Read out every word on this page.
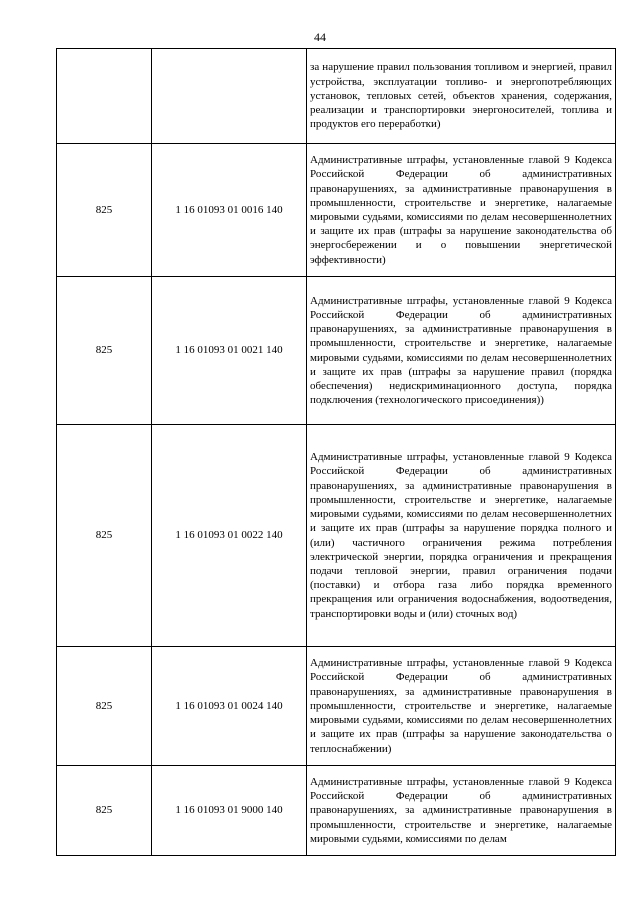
44
		за нарушение правил пользования топливом и энергией, правил устройства, эксплуатации топливо- и энергопотребляющих установок, тепловых сетей, объектов хранения, содержания, реализации и транспортировки энергоносителей, топлива и продуктов его переработки)
825	1 16 01093 01 0016 140	Административные штрафы, установленные главой 9 Кодекса Российской Федерации об административных правонарушениях, за административные правонарушения в промышленности, строительстве и энергетике, налагаемые мировыми судьями, комиссиями по делам несовершеннолетних и защите их прав (штрафы за нарушение законодательства об энергосбережении и о повышении энергетической эффективности)
825	1 16 01093 01 0021 140	Административные штрафы, установленные главой 9 Кодекса Российской Федерации об административных правонарушениях, за административные правонарушения в промышленности, строительстве и энергетике, налагаемые мировыми судьями, комиссиями по делам несовершеннолетних и защите их прав (штрафы за нарушение правил (порядка обеспечения) недискриминационного доступа, порядка подключения (технологического присоединения))
825	1 16 01093 01 0022 140	Административные штрафы, установленные главой 9 Кодекса Российской Федерации об административных правонарушениях, за административные правонарушения в промышленности, строительстве и энергетике, налагаемые мировыми судьями, комиссиями по делам несовершеннолетних и защите их прав (штрафы за нарушение порядка полного и (или) частичного ограничения режима потребления электрической энергии, порядка ограничения и прекращения подачи тепловой энергии, правил ограничения подачи (поставки) и отбора газа либо порядка временного прекращения или ограничения водоснабжения, водоотведения, транспортировки воды и (или) сточных вод)
825	1 16 01093 01 0024 140	Административные штрафы, установленные главой 9 Кодекса Российской Федерации об административных правонарушениях, за административные правонарушения в промышленности, строительстве и энергетике, налагаемые мировыми судьями, комиссиями по делам несовершеннолетних и защите их прав (штрафы за нарушение законодательства о теплоснабжении)
825	1 16 01093 01 9000 140	Административные штрафы, установленные главой 9 Кодекса Российской Федерации об административных правонарушениях, за административные правонарушения в промышленности, строительстве и энергетике, налагаемые мировыми судьями, комиссиями по делам
